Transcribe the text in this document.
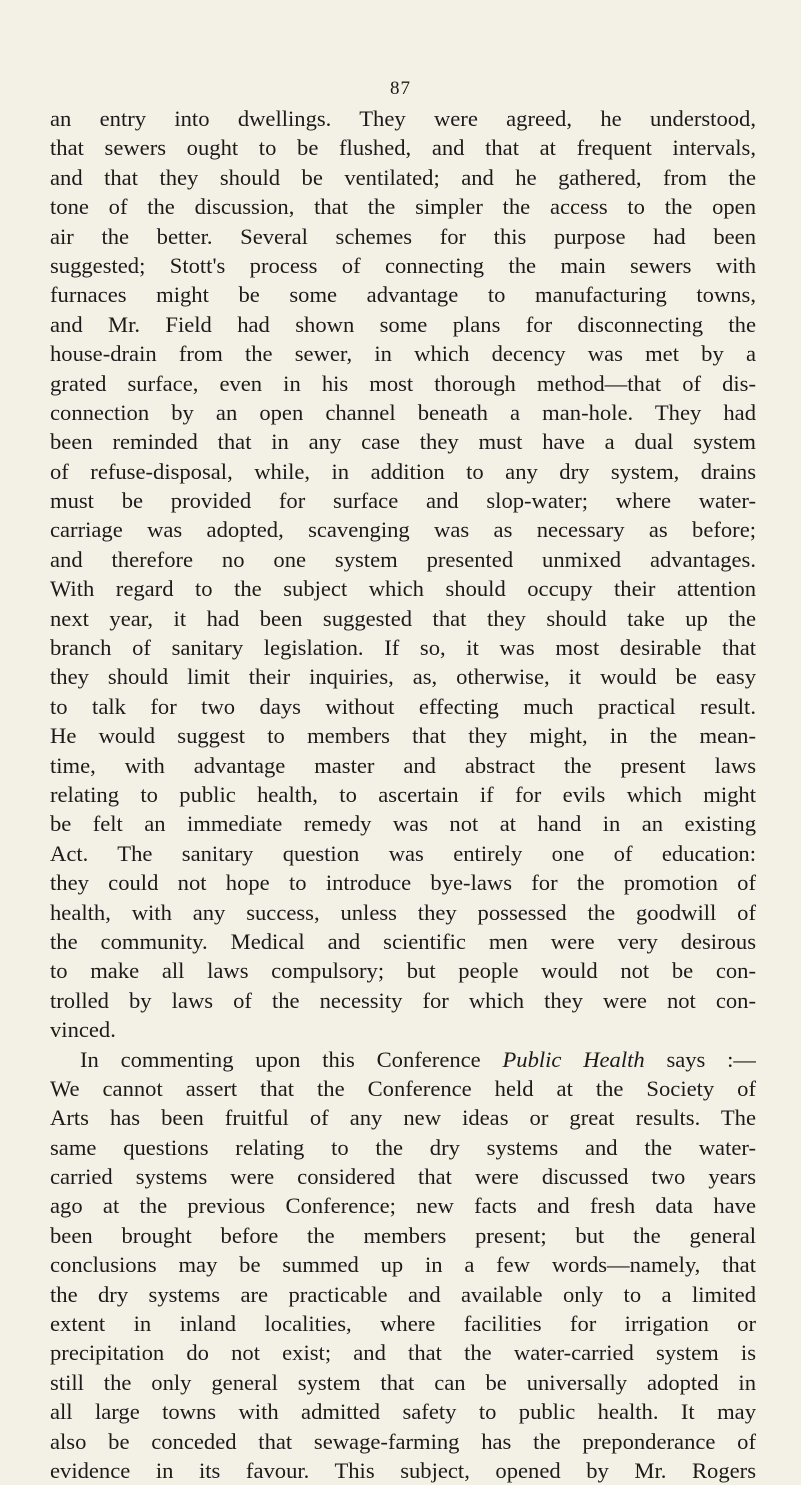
87
an entry into dwellings. They were agreed, he understood,
that sewers ought to be flushed, and that at frequent intervals,
and that they should be ventilated; and he gathered, from the
tone of the discussion, that the simpler the access to the open
air the better. Several schemes for this purpose had been
suggested; Stott's process of connecting the main sewers with
furnaces might be some advantage to manufacturing towns,
and Mr. Field had shown some plans for disconnecting the
house-drain from the sewer, in which decency was met by a
grated surface, even in his most thorough method—that of dis-
connection by an open channel beneath a man-hole. They had
been reminded that in any case they must have a dual system
of refuse-disposal, while, in addition to any dry system, drains
must be provided for surface and slop-water; where water-
carriage was adopted, scavenging was as necessary as before;
and therefore no one system presented unmixed advantages.
With regard to the subject which should occupy their attention
next year, it had been suggested that they should take up the
branch of sanitary legislation. If so, it was most desirable that
they should limit their inquiries, as, otherwise, it would be easy
to talk for two days without effecting much practical result.
He would suggest to members that they might, in the mean-
time, with advantage master and abstract the present laws
relating to public health, to ascertain if for evils which might
be felt an immediate remedy was not at hand in an existing
Act. The sanitary question was entirely one of education:
they could not hope to introduce bye-laws for the promotion of
health, with any success, unless they possessed the goodwill of
the community. Medical and scientific men were very desirous
to make all laws compulsory; but people would not be con-
trolled by laws of the necessity for which they were not con-
vinced.
In commenting upon this Conference Public Health says :—
We cannot assert that the Conference held at the Society of
Arts has been fruitful of any new ideas or great results. The
same questions relating to the dry systems and the water-
carried systems were considered that were discussed two years
ago at the previous Conference; new facts and fresh data have
been brought before the members present; but the general
conclusions may be summed up in a few words—namely, that
the dry systems are practicable and available only to a limited
extent in inland localities, where facilities for irrigation or
precipitation do not exist; and that the water-carried system is
still the only general system that can be universally adopted in
all large towns with admitted safety to public health. It may
also be conceded that sewage-farming has the preponderance of
evidence in its favour. This subject, opened by Mr. Rogers
